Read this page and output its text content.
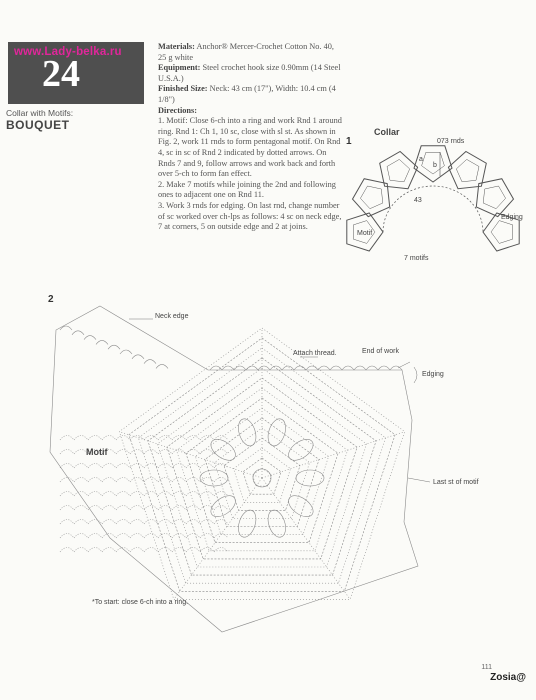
www.Lady-belka.ru
24
Collar with Motifs:
BOUQUET

Materials: Anchor® Mercer-Crochet Cotton No. 40, 25 g white

Equipment: Steel crochet hook size 0.90mm (14 Steel U.S.A.)

Finished Size: Neck: 43 cm (17"), Width: 10.4 cm (4 1/8")

Directions:

1. Motif: Close 6-ch into a ring and work Rnd 1 around ring. Rnd 1: Ch 1, 10 sc, close with sl st. As shown in Fig. 2, work 11 rnds to form pentagonal motif. On Rnd 4, sc in sc of Rnd 2 indicated by dotted arrows. On Rnds 7 and 9, follow arrows and work back and forth over 5-ch to form fan effect.

2. Make 7 motifs while joining the 2nd and following ones to adjacent one on Rnd 11.

3. Work 3 rnds for edging. On last rnd, change number of sc worked over ch-lps as follows: 4 sc on neck edge, 7 at corners, 5 on outside edge and 2 at joins.

1
Collar
073 rnds
a
b
43
Motif
Edging
7 motifs
2
Neck edge
Attach thread.	End of work
Edging
Motif
Last st of motif
*To start: close 6-ch into a ring.
111
Zosia@
